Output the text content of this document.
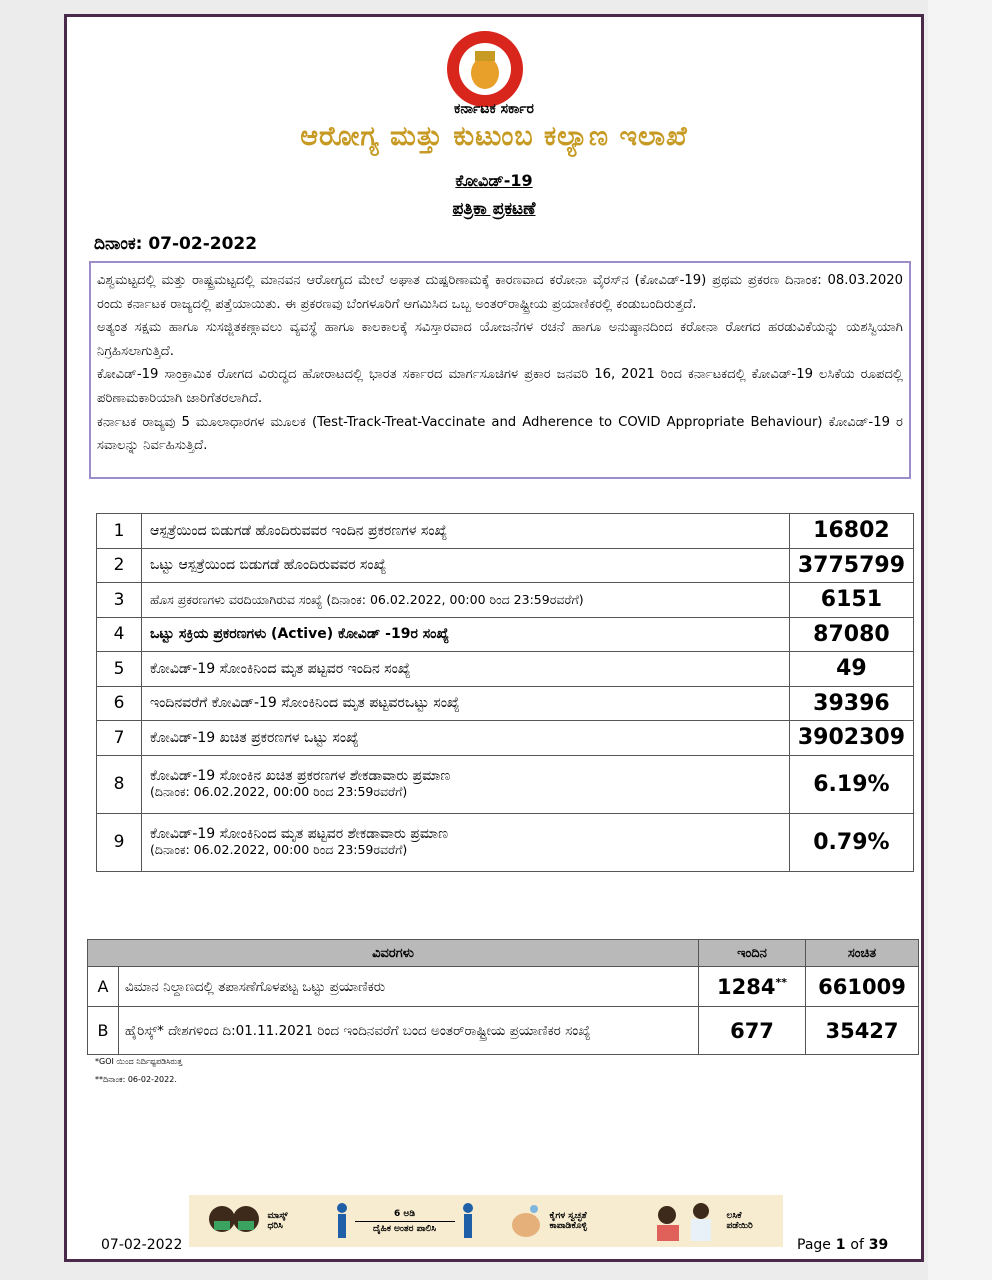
ಕರ್ನಾಟಕ ಸರ್ಕಾರ
ಆರೋಗ್ಯ ಮತ್ತು ಕುಟುಂಬ ಕಲ್ಯಾಣ ಇಲಾಖೆ
ಕೋವಿಡ್-19
ಪತ್ರಿಕಾ ಪ್ರಕಟಣೆ
ದಿನಾಂಕ: 07-02-2022

ವಿಶ್ವಮಟ್ಟದಲ್ಲಿ ಮತ್ತು ರಾಷ್ಟ್ರಮಟ್ಟದಲ್ಲಿ ಮಾನವನ ಆರೋಗ್ಯದ ಮೇಲೆ ಅಘಾತ ದುಷ್ಪರಿಣಾಮಕ್ಕೆ ಕಾರಣವಾದ ಕರೋನಾ ವೈರಸ್‌ನ (ಕೋವಿಡ್-19) ಪ್ರಥಮ ಪ್ರಕರಣ ದಿನಾಂಕ: 08.03.2020 ರಂದು ಕರ್ನಾಟಕ ರಾಜ್ಯದಲ್ಲಿ ಪತ್ತೆಯಾಯಿತು. ಈ ಪ್ರಕರಣವು ಬೆಂಗಳೂರಿಗೆ ಆಗಮಿಸಿದ ಒಬ್ಬ ಅಂತರ್‌ರಾಷ್ಟ್ರೀಯ ಪ್ರಯಾಣಿಕರಲ್ಲಿ ಕಂಡುಬಂದಿರುತ್ತದೆ.

ಅತ್ಯಂತ ಸಕ್ಷಮ ಹಾಗೂ ಸುಸಜ್ಜಿತಕಣ್ಗಾವಲು ವ್ಯವಸ್ಥೆ ಹಾಗೂ ಕಾಲಕಾಲಕ್ಕೆ ಸವಿಸ್ತಾರವಾದ ಯೋಜನೆಗಳ ರಚನೆ ಹಾಗೂ ಅನುಷ್ಠಾನದಿಂದ ಕರೋನಾ ರೋಗದ ಹರಡುವಿಕೆಯನ್ನು ಯಶಸ್ವಿಯಾಗಿ ನಿಗ್ರಹಿಸಲಾಗುತ್ತಿದೆ.

ಕೋವಿಡ್-19 ಸಾಂಕ್ರಾಮಿಕ ರೋಗದ ವಿರುದ್ಧದ ಹೋರಾಟದಲ್ಲಿ ಭಾರತ ಸರ್ಕಾರದ ಮಾರ್ಗಸೂಚಿಗಳ ಪ್ರಕಾರ ಜನವರಿ 16, 2021 ರಿಂದ ಕರ್ನಾಟಕದಲ್ಲಿ ಕೋವಿಡ್-19 ಲಸಿಕೆಯ ರೂಪದಲ್ಲಿ ಪರಿಣಾಮಕಾರಿಯಾಗಿ ಜಾರಿಗೆತರಲಾಗಿದೆ.

ಕರ್ನಾಟಕ ರಾಜ್ಯವು 5 ಮೂಲಾಧಾರಗಳ ಮೂಲಕ (Test-Track-Treat-Vaccinate and Adherence to COVID Appropriate Behaviour) ಕೋವಿಡ್-19 ರ ಸವಾಲನ್ನು ನಿರ್ವಹಿಸುತ್ತಿದೆ.

1	ಆಸ್ಪತ್ರೆಯಿಂದ ಬಿಡುಗಡೆ ಹೊಂದಿರುವವರ ಇಂದಿನ ಪ್ರಕರಣಗಳ ಸಂಖ್ಯೆ	16802
2	ಒಟ್ಟು ಆಸ್ಪತ್ರೆಯಿಂದ ಬಿಡುಗಡೆ ಹೊಂದಿರುವವರ ಸಂಖ್ಯೆ	3775799
3	ಹೊಸ ಪ್ರಕರಣಗಳು ವರದಿಯಾಗಿರುವ ಸಂಖ್ಯೆ (ದಿನಾಂಕ: 06.02.2022, 00:00 ರಿಂದ 23:59ರವರೆಗೆ)	6151
4	ಒಟ್ಟು ಸಕ್ರಿಯ ಪ್ರಕರಣಗಳು (Active) ಕೋವಿಡ್ -19ರ ಸಂಖ್ಯೆ	87080
5	ಕೋವಿಡ್-19 ಸೋಂಕಿನಿಂದ ಮೃತ ಪಟ್ಟವರ ಇಂದಿನ ಸಂಖ್ಯೆ	49
6	ಇಂದಿನವರೆಗೆ ಕೋವಿಡ್-19 ಸೋಂಕಿನಿಂದ ಮೃತ ಪಟ್ಟವರಒಟ್ಟು ಸಂಖ್ಯೆ	39396
7	ಕೋವಿಡ್-19 ಖಚಿತ ಪ್ರಕರಣಗಳ ಒಟ್ಟು ಸಂಖ್ಯೆ	3902309
8	ಕೋವಿಡ್-19 ಸೋಂಕಿನ ಖಚಿತ ಪ್ರಕರಣಗಳ ಶೇಕಡಾವಾರು ಪ್ರಮಾಣ
(ದಿನಾಂಕ: 06.02.2022, 00:00 ರಿಂದ 23:59ರವರೆಗೆ)	6.19%
9	ಕೋವಿಡ್-19 ಸೋಂಕಿನಿಂದ ಮೃತ ಪಟ್ಟವರ ಶೇಕಡಾವಾರು ಪ್ರಮಾಣ
(ದಿನಾಂಕ: 06.02.2022, 00:00 ರಿಂದ 23:59ರವರೆಗೆ)	0.79%
ವಿವರಗಳು		ಇಂದಿನ	ಸಂಚಿತ
A	ವಿಮಾನ ನಿಲ್ದಾಣದಲ್ಲಿ ತಪಾಸಣೆಗೊಳಪಟ್ಟ ಒಟ್ಟು ಪ್ರಯಾಣಿಕರು	1284**	661009
B	ಹೈರಿಸ್ಕ್* ದೇಶಗಳಿಂದ ದಿ:01.11.2021 ರಿಂದ ಇಂದಿನವರೆಗೆ ಬಂದ ಅಂತರ್‌ರಾಷ್ಟ್ರೀಯ ಪ್ರಯಾಣಿಕರ ಸಂಖ್ಯೆ	677	35427
*GOI ಯಿಂದ ನಿರ್ದಿಷ್ಟಪಡಿಸಿರುತ್ತ
**ದಿನಾಂಕ: 06-02-2022.
ಮಾಸ್ಕ್ ಧರಿಸಿ
6 ಅಡಿ
ದೈಹಿಕ ಅಂತರ ಪಾಲಿಸಿ
ಕೈಗಳ ಸ್ವಚ್ಛತೆ ಕಾಪಾಡಿಕೊಳ್ಳಿ
ಲಸಿಕೆ ಪಡೆಯಿರಿ
07-02-2022	Page 1 of 39
